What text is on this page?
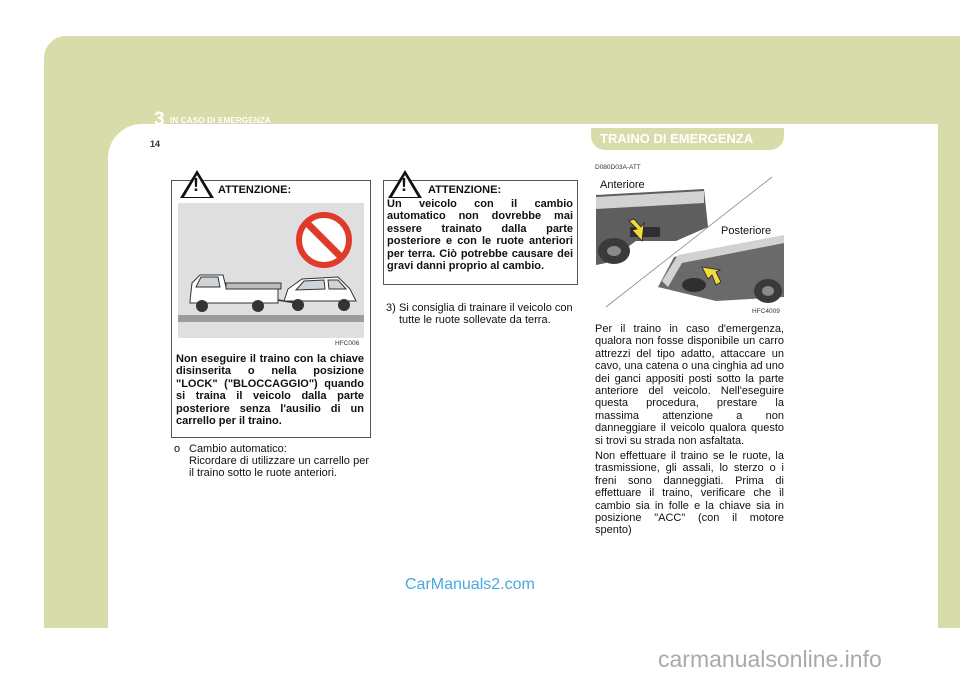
3 IN CASO DI EMERGENZA
14	TRAINO DI EMERGENZA
! ATTENZIONE:
HFC006
Non eseguire il traino con la chiave disinserita o nella posizione "LOCK" ("BLOCCAGGIO") quando si traina il veicolo dalla parte posteriore senza l'ausilio di un carrello per il traino.
o Cambio automatico:
Ricordare di utilizzare un carrello per il traino sotto le ruote anteriori.
! ATTENZIONE:
Un veicolo con il cambio automatico non dovrebbe mai essere trainato dalla parte posteriore e con le ruote anteriori per terra. Ciò potrebbe causare dei gravi danni proprio al cambio.
3) Si consiglia di trainare il veicolo con tutte le ruote sollevate da terra.
D080D03A-ATT
Anteriore
Posteriore
HFC4009
Per il traino in caso d'emergenza, qualora non fosse disponibile un carro attrezzi del tipo adatto, attaccare un cavo, una catena o una cinghia ad uno dei ganci appositi posti sotto la parte anteriore del veicolo. Nell'eseguire questa procedura, prestare la massima attenzione a non danneggiare il veicolo qualora questo si trovi su strada non asfaltata.
Non effettuare il traino se le ruote, la trasmissione, gli assali, lo sterzo o i freni sono danneggiati. Prima di effettuare il traino, verificare che il cambio sia in folle e la chiave sia in posizione "ACC" (con il motore spento)
CarManuals2.com
carmanualsonline.info
